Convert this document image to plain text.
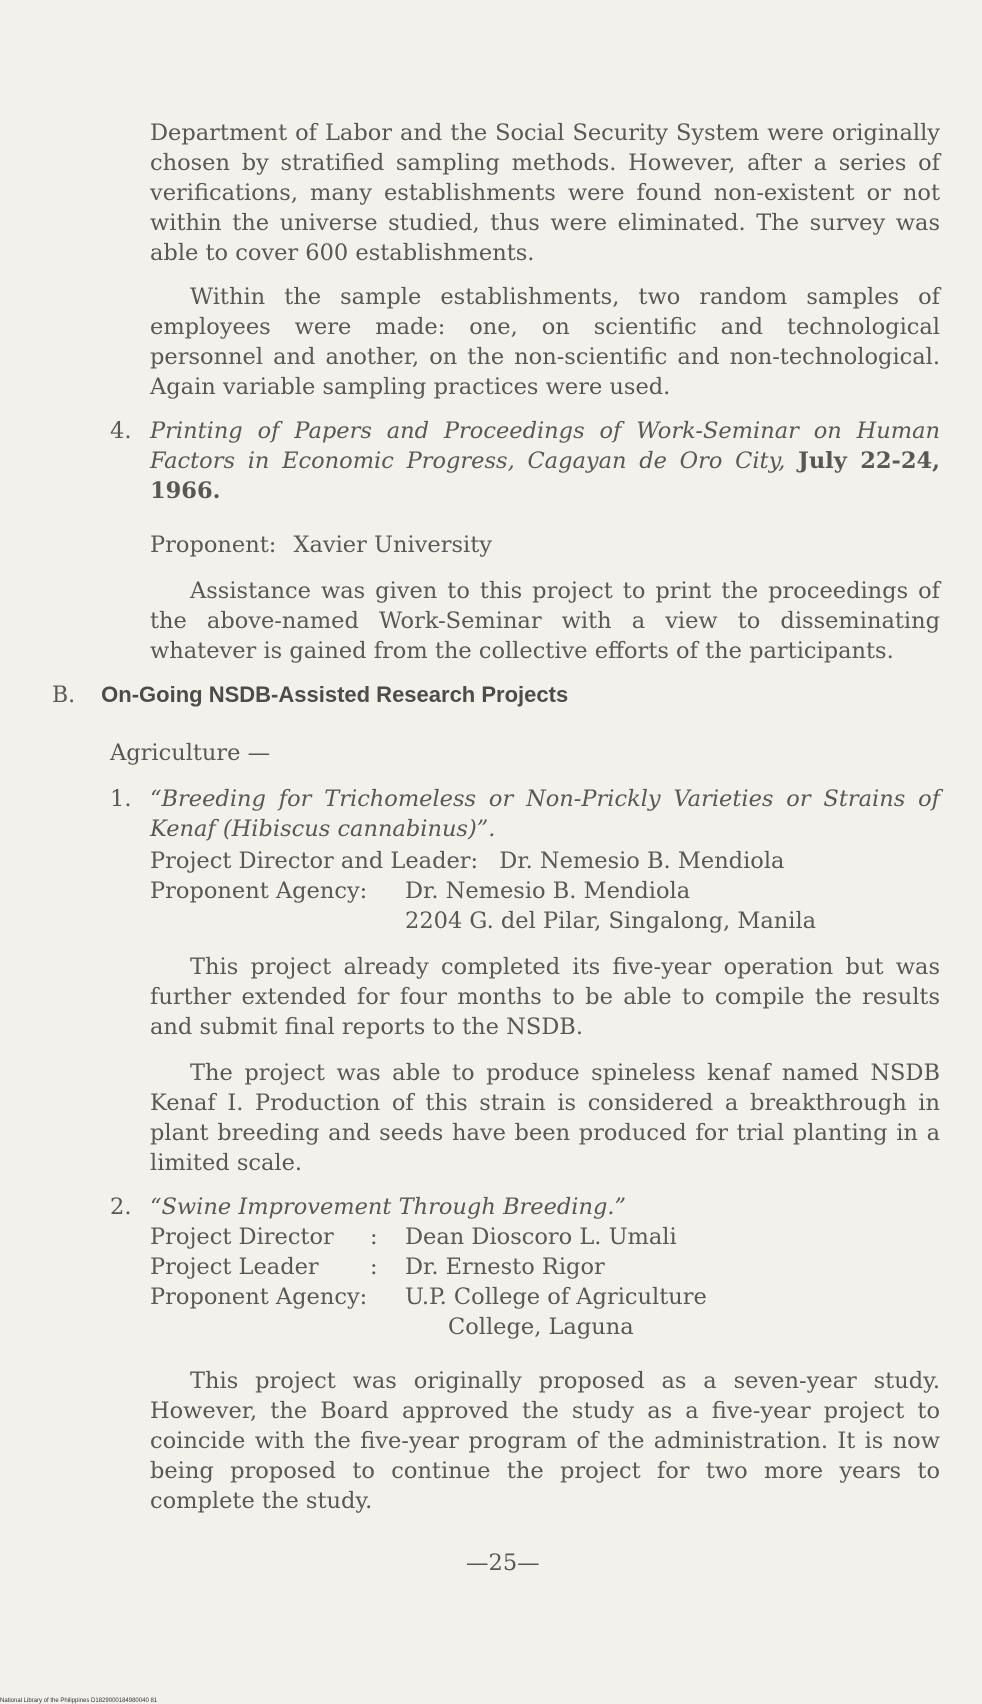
Department of Labor and the Social Security System were originally chosen by stratified sampling methods. However, after a series of verifications, many establishments were found non-existent or not within the universe studied, thus were eliminated. The survey was able to cover 600 establishments.

Within the sample establishments, two random samples of employees were made: one, on scientific and technological personnel and another, on the non-scientific and non-technological. Again variable sampling practices were used.

4. Printing of Papers and Proceedings of Work-Seminar on Human Factors in Economic Progress, Cagayan de Oro City, July 22-24, 1966.
Proponent: Xavier University

Assistance was given to this project to print the proceedings of the above-named Work-Seminar with a view to disseminating whatever is gained from the collective efforts of the participants.

B. On-Going NSDB-Assisted Research Projects
Agriculture —
1. “Breeding for Trichomeless or Non-Prickly Varieties or Strains of Kenaf (Hibiscus cannabinus)”.
Project Director and Leader: Dr. Nemesio B. Mendiola
Proponent Agency: Dr. Nemesio B. Mendiola
2204 G. del Pilar, Singalong, Manila

This project already completed its five-year operation but was further extended for four months to be able to compile the results and submit final reports to the NSDB.

The project was able to produce spineless kenaf named NSDB Kenaf I. Production of this strain is considered a breakthrough in plant breeding and seeds have been produced for trial planting in a limited scale.

2. “Swine Improvement Through Breeding.”
Project Director : Dean Dioscoro L. Umali
Project Leader : Dr. Ernesto Rigor
Proponent Agency: U.P. College of Agriculture
College, Laguna

This project was originally proposed as a seven-year study. However, the Board approved the study as a five-year project to coincide with the five-year program of the administration. It is now being proposed to continue the project for two more years to complete the study.

—25—
National Library of the Philippines D1829000184980040 81
